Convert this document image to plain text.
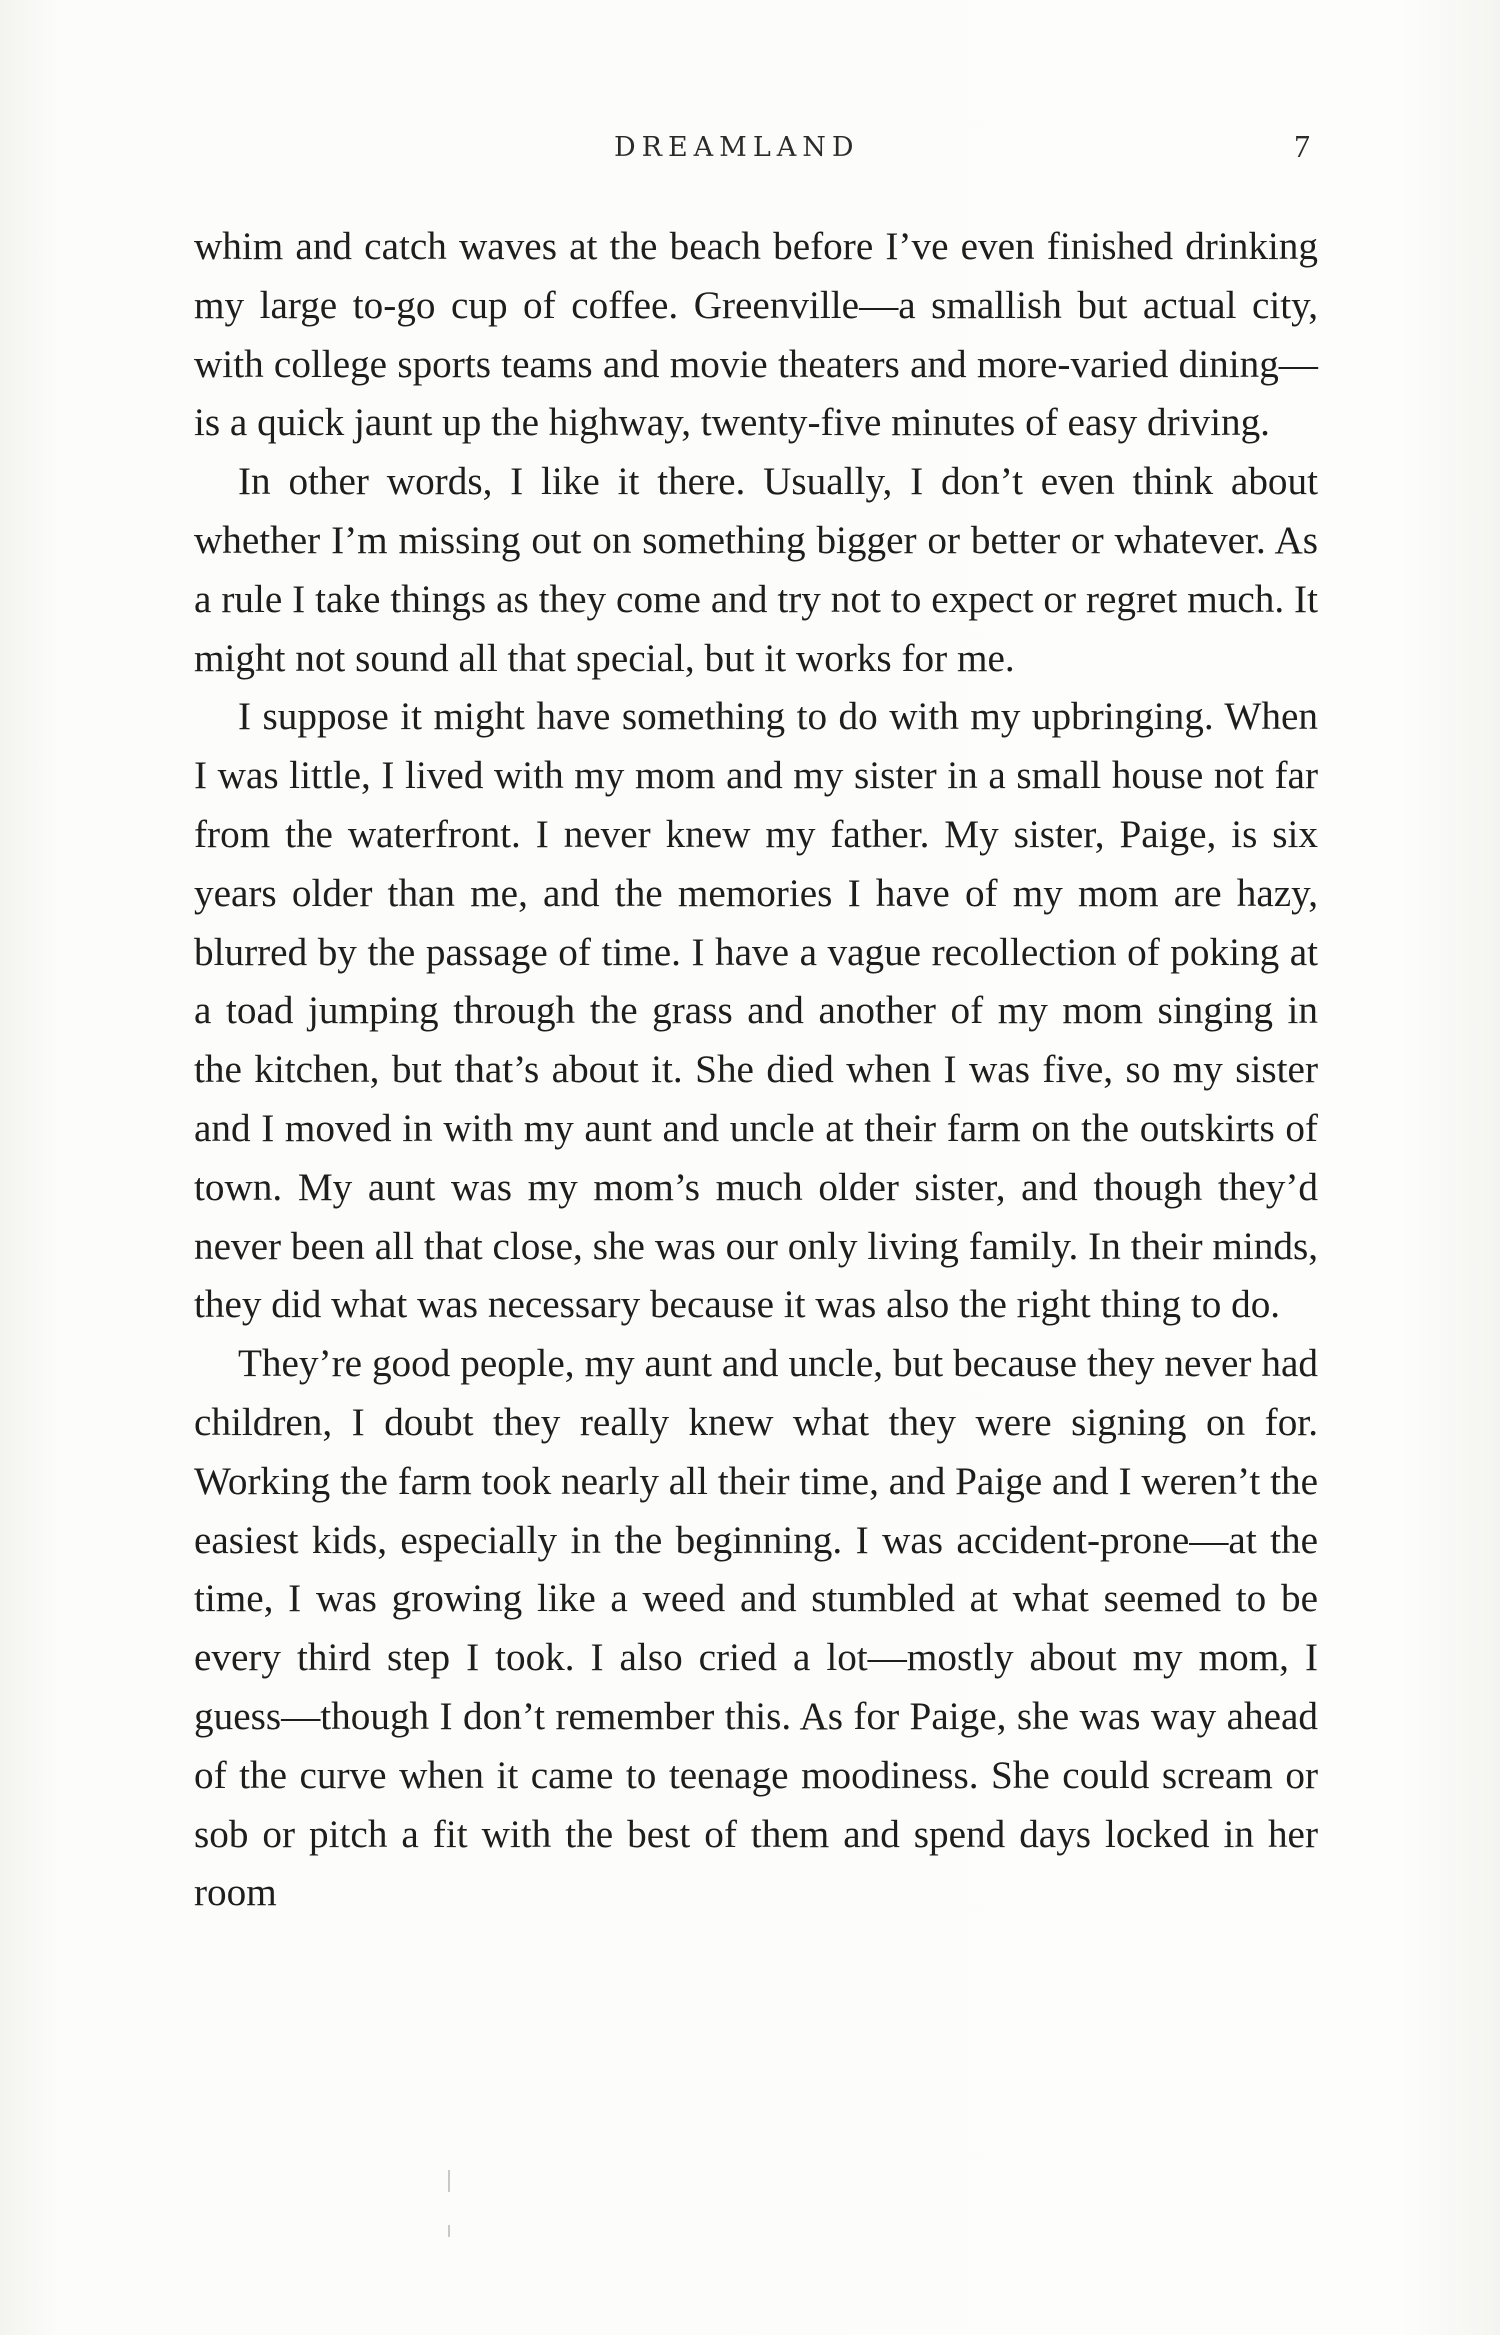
DREAMLAND	7

whim and catch waves at the beach before I’ve even finished drinking my large to-go cup of coffee. Greenville—a smallish but actual city, with college sports teams and movie theaters and more-varied dining—is a quick jaunt up the highway, twenty-five minutes of easy driving.

In other words, I like it there. Usually, I don’t even think about whether I’m missing out on something bigger or better or whatever. As a rule I take things as they come and try not to expect or regret much. It might not sound all that special, but it works for me.

I suppose it might have something to do with my upbringing. When I was little, I lived with my mom and my sister in a small house not far from the waterfront. I never knew my father. My sister, Paige, is six years older than me, and the memories I have of my mom are hazy, blurred by the passage of time. I have a vague recollection of poking at a toad jumping through the grass and another of my mom singing in the kitchen, but that’s about it. She died when I was five, so my sister and I moved in with my aunt and uncle at their farm on the outskirts of town. My aunt was my mom’s much older sister, and though they’d never been all that close, she was our only living family. In their minds, they did what was necessary because it was also the right thing to do.

They’re good people, my aunt and uncle, but because they never had children, I doubt they really knew what they were signing on for. Working the farm took nearly all their time, and Paige and I weren’t the easiest kids, especially in the beginning. I was accident-prone—at the time, I was growing like a weed and stumbled at what seemed to be every third step I took. I also cried a lot—mostly about my mom, I guess—though I don’t remember this. As for Paige, she was way ahead of the curve when it came to teenage moodiness. She could scream or sob or pitch a fit with the best of them and spend days locked in her room
